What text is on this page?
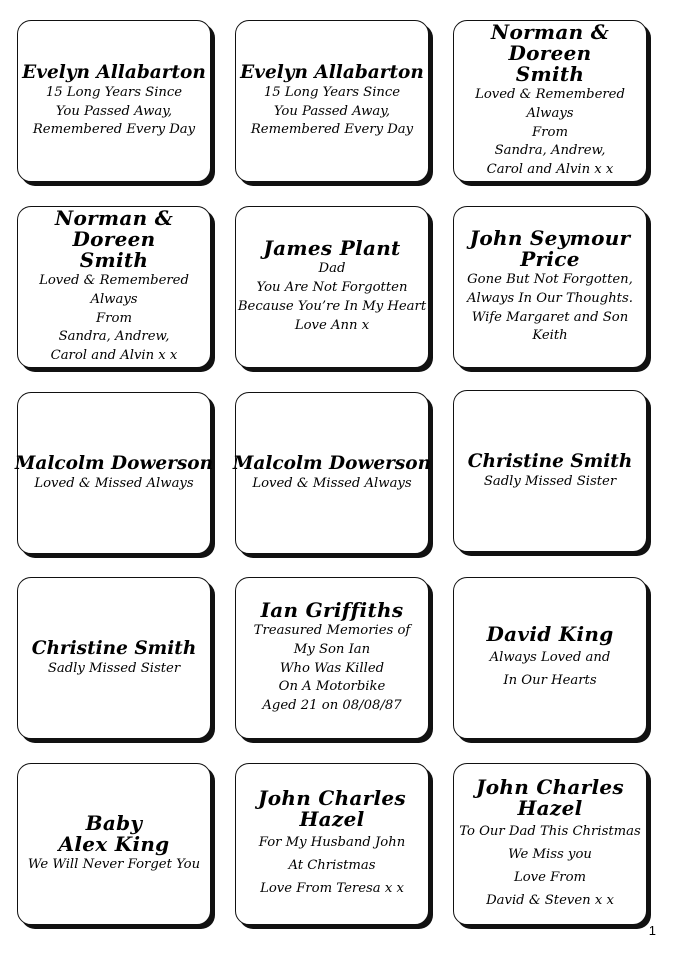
Evelyn Allabarton
15 Long Years Since
You Passed Away,
Remembered Every Day
Evelyn Allabarton
15 Long Years Since
You Passed Away,
Remembered Every Day
Norman & Doreen
Smith
Loved & Remembered Always
From
Sandra, Andrew,
Carol and Alvin x x
Norman & Doreen
Smith
Loved & Remembered Always
From
Sandra, Andrew,
Carol and Alvin x x
James Plant
Dad
You Are Not Forgotten
Because You’re In My Heart
Love Ann x
John Seymour
Price
Gone But Not Forgotten,
Always In Our Thoughts.
Wife Margaret and Son Keith
Malcolm Dowerson
Loved & Missed Always
Malcolm Dowerson
Loved & Missed Always
Christine Smith
Sadly Missed Sister
Christine Smith
Sadly Missed Sister
Ian Griffiths
Treasured Memories of
My Son Ian
Who Was Killed
On A Motorbike
Aged 21 on 08/08/87
David King
Always Loved and
In Our Hearts
Baby
Alex King
We Will Never Forget You
John Charles
Hazel
For My Husband John
At Christmas
Love From Teresa x x
John Charles
Hazel
To Our Dad This Christmas
We Miss you
Love From
David & Steven x x
1
